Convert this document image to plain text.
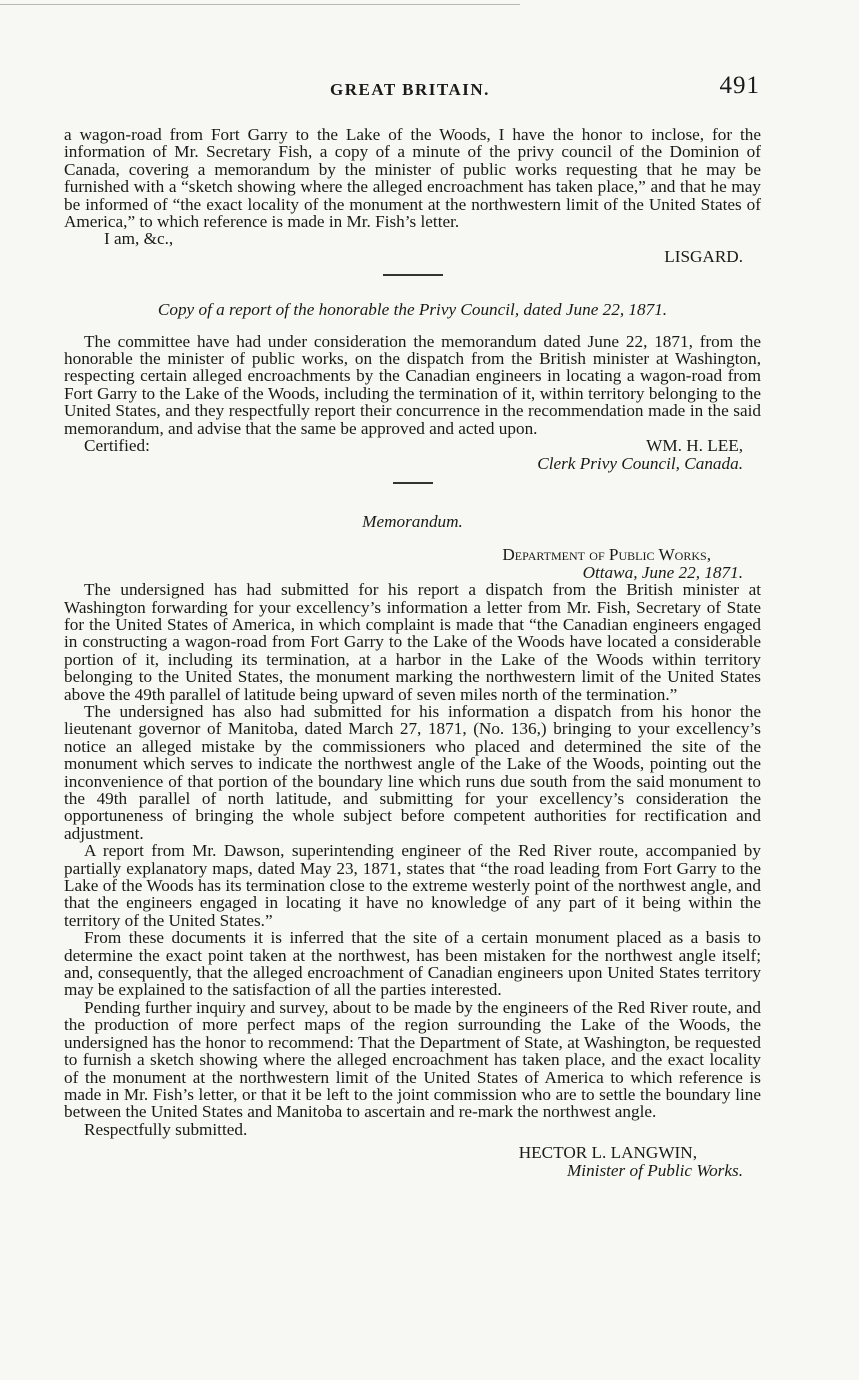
GREAT BRITAIN.	491

a wagon-road from Fort Garry to the Lake of the Woods, I have the honor to inclose, for the information of Mr. Secretary Fish, a copy of a minute of the privy council of the Dominion of Canada, covering a memorandum by the minister of public works requesting that he may be furnished with a “sketch showing where the alleged encroachment has taken place,” and that he may be informed of “the exact locality of the monument at the northwestern limit of the United States of America,” to which reference is made in Mr. Fish’s letter.

I am, &c.,

LISGARD.

Copy of a report of the honorable the Privy Council, dated June 22, 1871.

The committee have had under consideration the memorandum dated June 22, 1871, from the honorable the minister of public works, on the dispatch from the British minister at Washington, respecting certain alleged encroachments by the Canadian engineers in locating a wagon-road from Fort Garry to the Lake of the Woods, including the termination of it, within territory belonging to the United States, and they respectfully report their concurrence in the recommendation made in the said memorandum, and advise that the same be approved and acted upon.

Certified:	WM. H. LEE,

Clerk Privy Council, Canada.

Memorandum.

Department of Public Works,

Ottawa, June 22, 1871.

The undersigned has had submitted for his report a dispatch from the British minister at Washington forwarding for your excellency’s information a letter from Mr. Fish, Secretary of State for the United States of America, in which complaint is made that “the Canadian engineers engaged in constructing a wagon-road from Fort Garry to the Lake of the Woods have located a considerable portion of it, including its termination, at a harbor in the Lake of the Woods within territory belonging to the United States, the monument marking the northwestern limit of the United States above the 49th parallel of latitude being upward of seven miles north of the termination.”

The undersigned has also had submitted for his information a dispatch from his honor the lieutenant governor of Manitoba, dated March 27, 1871, (No. 136,) bringing to your excellency’s notice an alleged mistake by the commissioners who placed and determined the site of the monument which serves to indicate the northwest angle of the Lake of the Woods, pointing out the inconvenience of that portion of the boundary line which runs due south from the said monument to the 49th parallel of north latitude, and submitting for your excellency’s consideration the opportuneness of bringing the whole subject before competent authorities for rectification and adjustment.

A report from Mr. Dawson, superintending engineer of the Red River route, accompanied by partially explanatory maps, dated May 23, 1871, states that “the road leading from Fort Garry to the Lake of the Woods has its termination close to the extreme westerly point of the northwest angle, and that the engineers engaged in locating it have no knowledge of any part of it being within the territory of the United States.”

From these documents it is inferred that the site of a certain monument placed as a basis to determine the exact point taken at the northwest, has been mistaken for the northwest angle itself; and, consequently, that the alleged encroachment of Canadian engineers upon United States territory may be explained to the satisfaction of all the parties interested.

Pending further inquiry and survey, about to be made by the engineers of the Red River route, and the production of more perfect maps of the region surrounding the Lake of the Woods, the undersigned has the honor to recommend: That the Department of State, at Washington, be requested to furnish a sketch showing where the alleged encroachment has taken place, and the exact locality of the monument at the northwestern limit of the United States of America to which reference is made in Mr. Fish’s letter, or that it be left to the joint commission who are to settle the boundary line between the United States and Manitoba to ascertain and re-mark the northwest angle.

Respectfully submitted.

HECTOR L. LANGWIN,

Minister of Public Works.
